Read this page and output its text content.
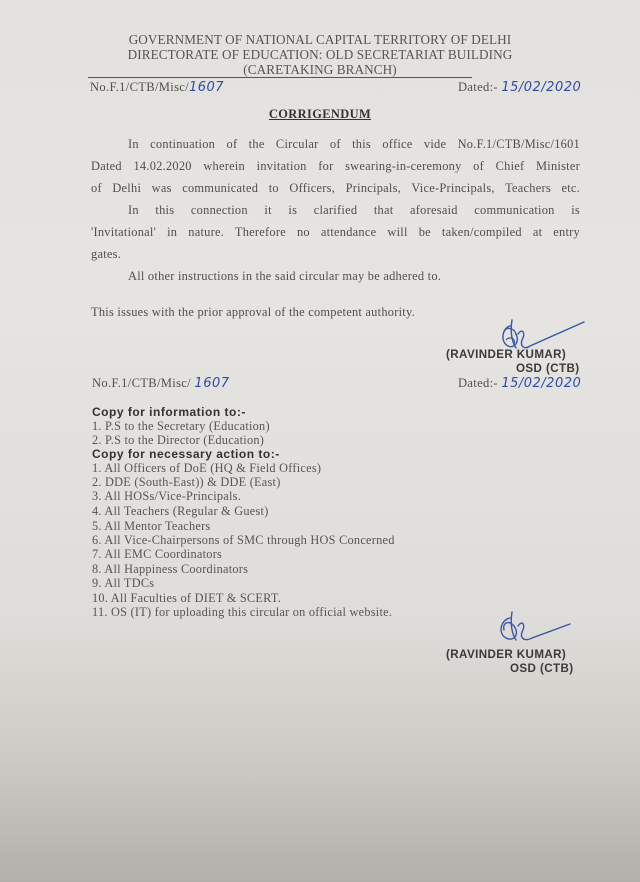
GOVERNMENT OF NATIONAL CAPITAL TERRITORY OF DELHI
DIRECTORATE OF EDUCATION: OLD SECRETARIAT BUILDING
(CARETAKING BRANCH)
No.F.1/CTB/Misc/1607	Dated:- 15/02/2020
CORRIGENDUM
In continuation of the Circular of this office vide No.F.1/CTB/Misc/1601
Dated 14.02.2020 wherein invitation for swearing-in-ceremony of Chief Minister
of Delhi was communicated to Officers, Principals, Vice-Principals, Teachers etc.
In this connection it is clarified that aforesaid communication is
'Invitational' in nature. Therefore no attendance will be taken/compiled at entry
gates.
All other instructions in the said circular may be adhered to.
This issues with the prior approval of the competent authority.
(RAVINDER KUMAR)
OSD (CTB)
No.F.1/CTB/Misc/ 1607	Dated:- 15/02/2020
Copy for information to:-
1. P.S to the Secretary (Education)
2. P.S to the Director (Education)
Copy for necessary action to:-
1. All Officers of DoE (HQ & Field Offices)
2. DDE (South-East)) & DDE (East)
3. All HOSs/Vice-Principals.
4. All Teachers (Regular & Guest)
5. All Mentor Teachers
6. All Vice-Chairpersons of SMC through HOS Concerned
7. All EMC Coordinators
8. All Happiness Coordinators
9. All TDCs
10. All Faculties of DIET & SCERT.
11. OS (IT) for uploading this circular on official website.
(RAVINDER KUMAR)
OSD (CTB)
